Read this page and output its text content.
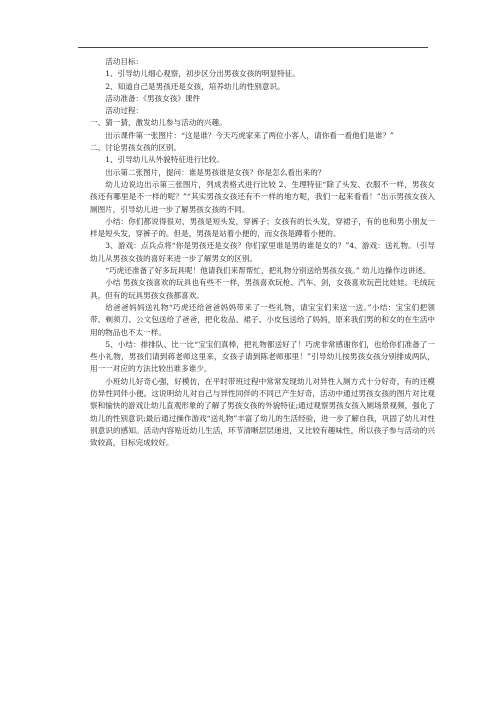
活动目标：

1、引导幼儿细心观察，初步区分出男孩女孩的明显特征。

2、知道自己是男孩还是女孩，培养幼儿的性别意识。

活动准备：《男孩女孩》课件

活动过程：

一、猜一猜，激发幼儿参与活动的兴趣。

出示课件第一张图片：“这是谁？今天巧虎家来了两位小客人，请你看一看他们是谁？”

二、讨论男孩女孩的区别。

1、引导幼儿从外貌特征进行比较。

出示第二张图片，提问：谁是男孩谁是女孩？你是怎么看出来的？

幼儿边说边出示第三张图片，列成表格式进行比较 2、生理特征“除了头发、衣服不一样，男孩女孩还有哪里是不一样的呢？”“其实男孩女孩还有不一样的地方呢，我们一起来看看！”出示男孩女孩入厕图片，引导幼儿进一步了解男孩女孩的不同。

小结：你们都说得很对，男孩是短头发，穿裤子；女孩有的长头发，穿裙子，有的也和男小朋友一样是短头发，穿裤子的。但是，男孩是站着小便的，而女孩是蹲着小便的。

3、游戏：点兵点将“你是男孩还是女孩？你们家里谁是男的谁是女的？”4、游戏：送礼物。（引导幼儿从男孩女孩的喜好来进一步了解男女的区别。

“巧虎还准备了好多玩具呢！他请我们来帮帮忙，把礼物分别送给男孩女孩。” 幼儿边操作边讲述。

小结 男孩女孩喜欢的玩具也有些不一样，男孩喜欢玩枪、汽车、剑，女孩喜欢玩芭比娃娃、毛绒玩具，但有的玩具男孩女孩都喜欢。

给爸爸妈妈送礼物“巧虎还给爸爸妈妈带来了一些礼物，请宝宝们来送一送。”小结：宝宝们把领带、剃须刀、公文包送给了爸爸，把化妆品、裙子、小皮包送给了妈妈，原来我们男的和女的在生活中用的物品也不太一样。

5、小结：排排队、比一比“宝宝们真棒，把礼物都送好了！巧虎非常感谢你们，也给你们准备了一些小礼物，男孩们请到蒋老师这里来，女孩子请到陈老师那里！”引导幼儿按男孩女孩分别排成两队，用一一对应的方法比较出谁多谁少。

小班幼儿好奇心强，好模仿，在平时带班过程中常常发现幼儿对异性入厕方式十分好奇，有的还模仿异性同伴小便。这说明幼儿对自己与异性同伴的不同已产生好奇，活动中通过男孩女孩的图片对比观察和愉快的游戏让幼儿直观形象的了解了男孩女孩的外貌特征;通过观察男孩女孩入厕场景视频，强化了幼儿的性别意识;最后通过操作游戏“送礼物”丰富了幼儿的生活经验，进一步了解自我，巩固了幼儿对性别意识的感知。活动内容贴近幼儿生活，环节清晰层层递进，又比较有趣味性，所以孩子参与活动的兴致较高，目标完成较好。
